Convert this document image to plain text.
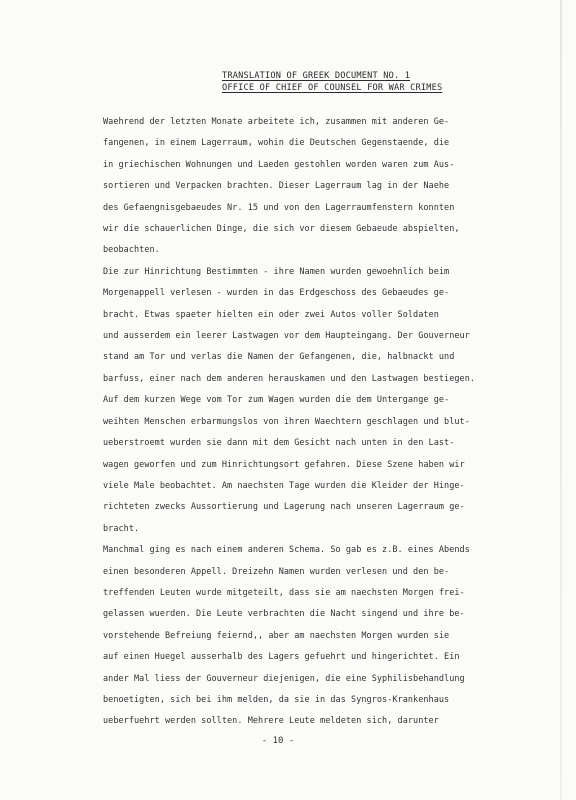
TRANSLATION OF GREEK DOCUMENT NO. 1
OFFICE OF CHIEF OF COUNSEL FOR WAR CRIMES
Waehrend der letzten Monate arbeitete ich, zusammen mit anderen Ge-
fangenen, in einem Lagerraum, wohin die Deutschen Gegenstaende, die
in griechischen Wohnungen und Laeden gestohlen worden waren zum Aus-
sortieren und Verpacken brachten. Dieser Lagerraum lag in der Naehe
des Gefaengnisgebaeudes Nr. 15 und von den Lagerraumfenstern konnten
wir die schauerlichen Dinge, die sich vor diesem Gebaeude abspielten,
beobachten.
Die zur Hinrichtung Bestimmten - ihre Namen wurden gewoehnlich beim
Morgenappell verlesen - wurden in das Erdgeschoss des Gebaeudes ge-
bracht. Etwas spaeter hielten ein oder zwei Autos voller Soldaten
und ausserdem ein leerer Lastwagen vor dem Haupteingang. Der Gouverneur
stand am Tor und verlas die Namen der Gefangenen, die, halbnackt und
barfuss, einer nach dem anderen herauskamen und den Lastwagen bestiegen.
Auf dem kurzen Wege vom Tor zum Wagen wurden die dem Untergange ge-
weihten Menschen erbarmungslos von ihren Waechtern geschlagen und blut-
ueberstroemt wurden sie dann mit dem Gesicht nach unten in den Last-
wagen geworfen und zum Hinrichtungsort gefahren. Diese Szene haben wir
viele Male beobachtet. Am naechsten Tage wurden die Kleider der Hinge-
richteten zwecks Aussortierung und Lagerung nach unseren Lagerraum ge-
bracht.
Manchmal ging es nach einem anderen Schema. So gab es z.B. eines Abends
einen besonderen Appell. Dreizehn Namen wurden verlesen und den be-
treffenden Leuten wurde mitgeteilt, dass sie am naechsten Morgen frei-
gelassen wuerden. Die Leute verbrachten die Nacht singend und ihre be-
vorstehende Befreiung feiernd,, aber am naechsten Morgen wurden sie
auf einen Huegel ausserhalb des Lagers gefuehrt und hingerichtet. Ein
ander Mal liess der Gouverneur diejenigen, die eine Syphilisbehandlung
benoetigten, sich bei ihm melden, da sie in das Syngros-Krankenhaus
ueberfuehrt werden sollten. Mehrere Leute meldeten sich, darunter
- 10 -
